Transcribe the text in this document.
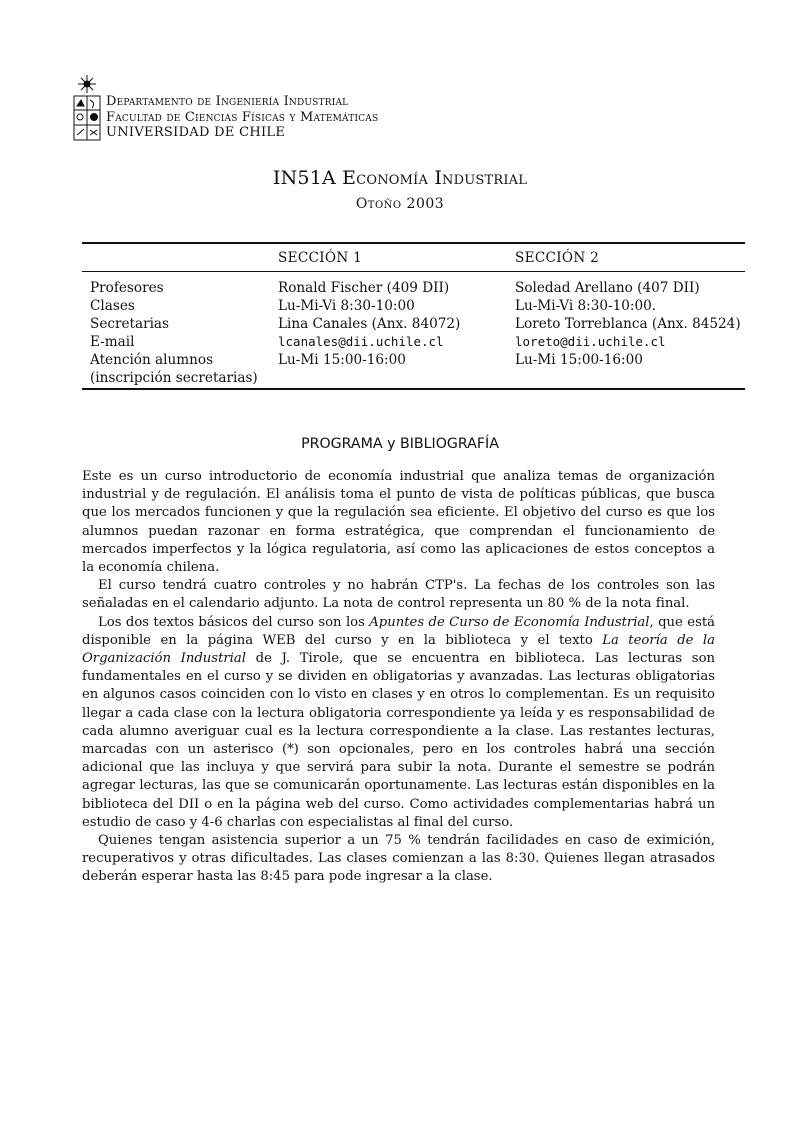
Departamento de Ingeniería Industrial
Facultad de Ciencias Físicas y Matemáticas
UNIVERSIDAD DE CHILE
IN51A Economía Industrial
Otoño 2003
SECCIÓN 1	SECCIÓN 2
Profesores
Clases
Secretarias
E-mail
Atención alumnos
(inscripción secretarias)
Ronald Fischer (409 DII)
Lu-Mi-Vi 8:30-10:00
Lina Canales (Anx. 84072)
lcanales@dii.uchile.cl
Lu-Mi 15:00-16:00
Soledad Arellano (407 DII)
Lu-Mi-Vi 8:30-10:00.
Loreto Torreblanca (Anx. 84524)
loreto@dii.uchile.cl
Lu-Mi 15:00-16:00
PROGRAMA y BIBLIOGRAFÍA

Este es un curso introductorio de economía industrial que analiza temas de organización industrial y de regulación. El análisis toma el punto de vista de políticas públicas, que busca que los mercados funcionen y que la regulación sea eficiente. El objetivo del curso es que los alumnos puedan razonar en forma estratégica, que comprendan el funcionamiento de mercados imperfectos y la lógica regulatoria, así como las aplicaciones de estos conceptos a la economía chilena.

El curso tendrá cuatro controles y no habrán CTP's. La fechas de los controles son las señaladas en el calendario adjunto. La nota de control representa un 80 % de la nota final.

Los dos textos básicos del curso son los Apuntes de Curso de Economía Industrial, que está disponible en la página WEB del curso y en la biblioteca y el texto La teoría de la Organización Industrial de J. Tirole, que se encuentra en biblioteca. Las lecturas son fundamentales en el curso y se dividen en obligatorias y avanzadas. Las lecturas obligatorias en algunos casos coinciden con lo visto en clases y en otros lo complementan. Es un requisito llegar a cada clase con la lectura obligatoria correspondiente ya leída y es responsabilidad de cada alumno averiguar cual es la lectura correspondiente a la clase. Las restantes lecturas, marcadas con un asterisco (*) son opcionales, pero en los controles habrá una sección adicional que las incluya y que servirá para subir la nota. Durante el semestre se podrán agregar lecturas, las que se comunicarán oportunamente. Las lecturas están disponibles en la biblioteca del DII o en la página web del curso. Como actividades complementarias habrá un estudio de caso y 4-6 charlas con especialistas al final del curso.

Quienes tengan asistencia superior a un 75 % tendrán facilidades en caso de eximición, recuperativos y otras dificultades. Las clases comienzan a las 8:30. Quienes llegan atrasados deberán esperar hasta las 8:45 para pode ingresar a la clase.
